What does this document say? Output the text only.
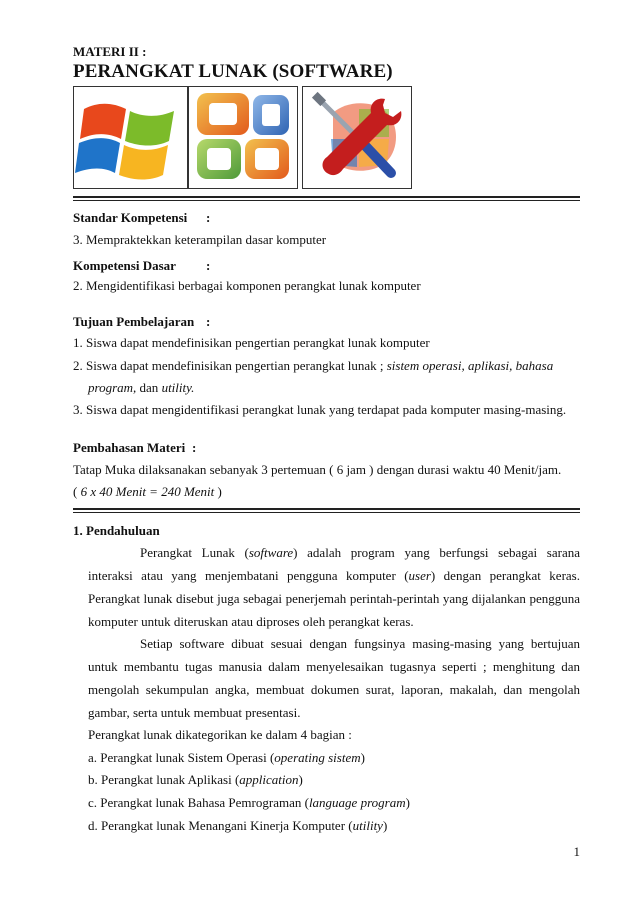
MATERI II :
PERANGKAT LUNAK (SOFTWARE)
Standar Kompetensi :
3. Mempraktekkan keterampilan dasar komputer
Kompetensi Dasar :
2. Mengidentifikasi berbagai komponen perangkat lunak komputer
Tujuan Pembelajaran :
1. Siswa dapat mendefinisikan pengertian perangkat lunak komputer
2. Siswa dapat mendefinisikan pengertian perangkat lunak ; sistem operasi, aplikasi, bahasa
program, dan utility.
3. Siswa dapat mengidentifikasi perangkat lunak yang terdapat pada komputer masing-masing.
Pembahasan Materi :
Tatap Muka dilaksanakan sebanyak 3 pertemuan ( 6 jam ) dengan durasi waktu 40 Menit/jam.
( 6 x 40 Menit = 240 Menit )
1. Pendahuluan
Perangkat Lunak (software) adalah program yang berfungsi sebagai sarana
interaksi atau yang menjembatani pengguna komputer (user) dengan perangkat keras.
Perangkat lunak disebut juga sebagai penerjemah perintah-perintah yang dijalankan pengguna
komputer untuk diteruskan atau diproses oleh perangkat keras.
Setiap software dibuat sesuai dengan fungsinya masing-masing yang bertujuan
untuk membantu tugas manusia dalam menyelesaikan tugasnya seperti ; menghitung dan
mengolah sekumpulan angka, membuat dokumen surat, laporan, makalah, dan mengolah
gambar, serta untuk membuat presentasi.
Perangkat lunak dikategorikan ke dalam 4 bagian :
a. Perangkat lunak Sistem Operasi (operating sistem)
b. Perangkat lunak Aplikasi (application)
c. Perangkat lunak Bahasa Pemrograman (language program)
d. Perangkat lunak Menangani Kinerja Komputer (utility)
1
